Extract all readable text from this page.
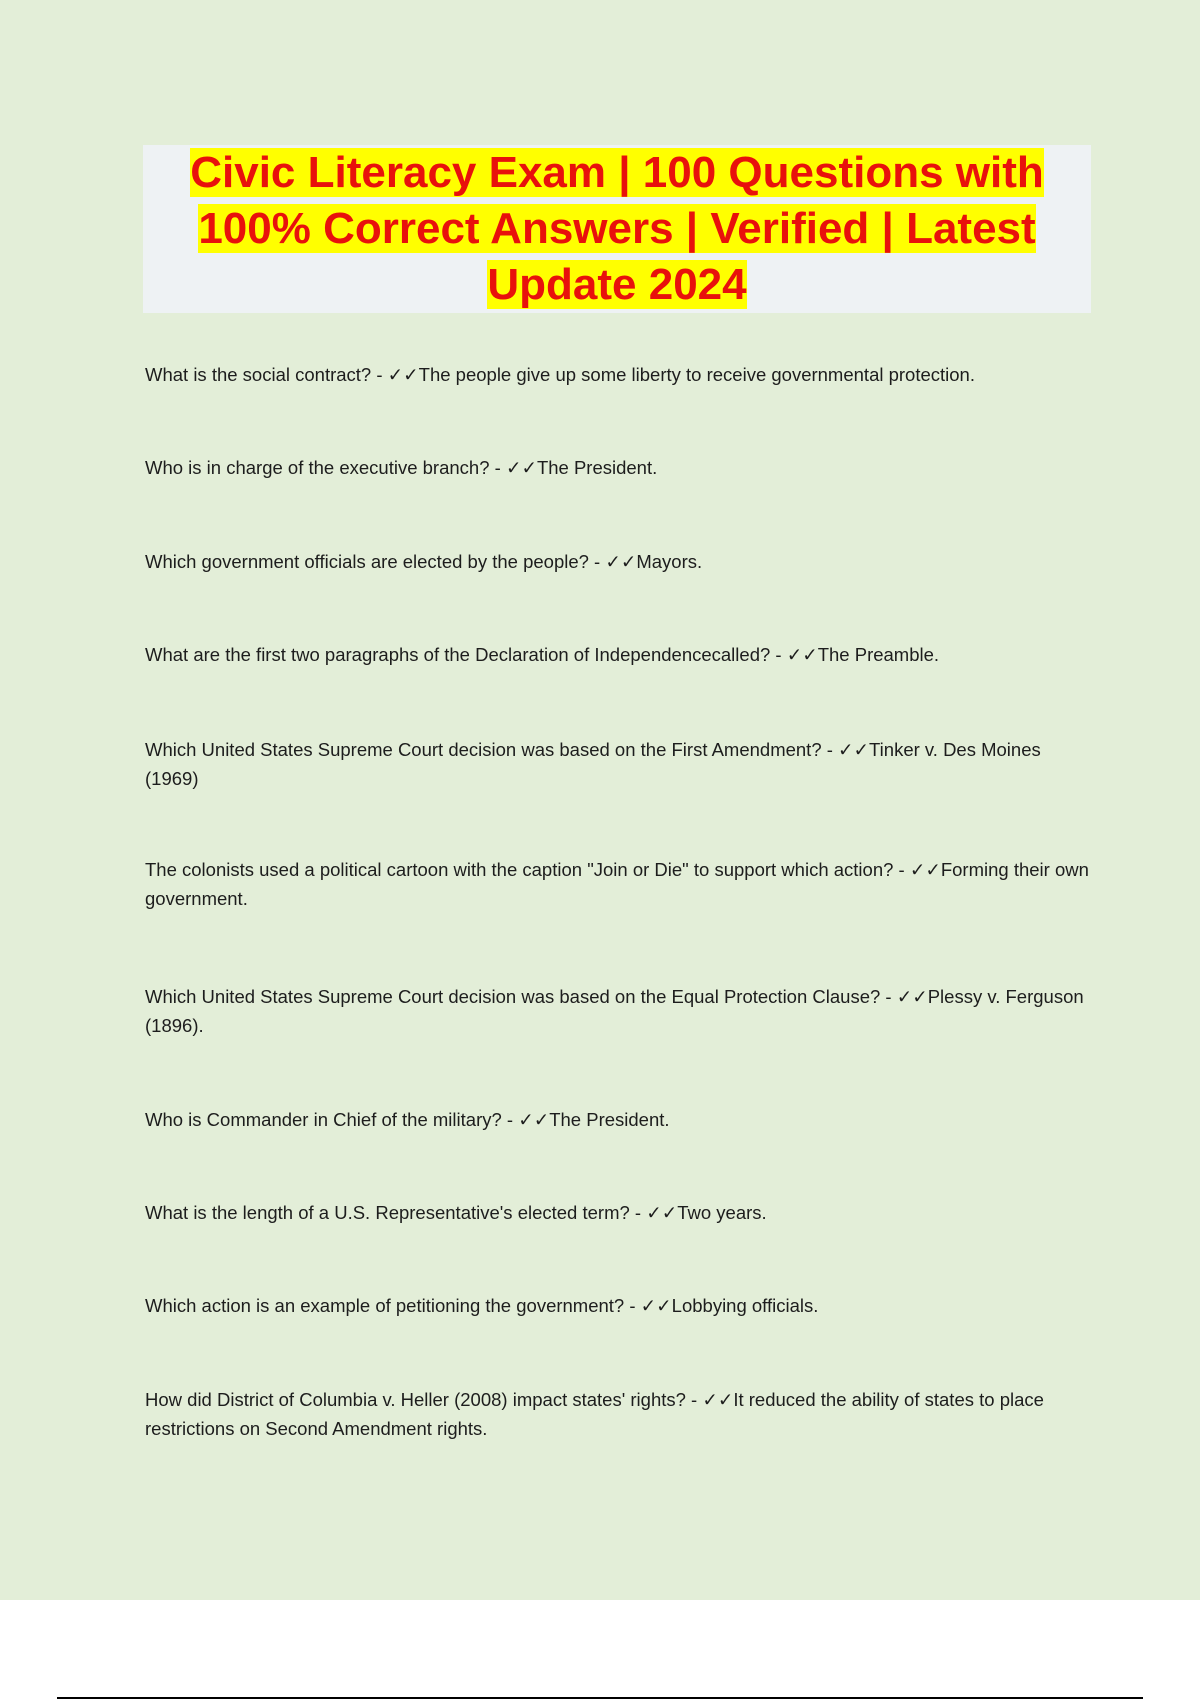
Civic Literacy Exam | 100 Questions with
100% Correct Answers | Verified | Latest
Update 2024

What is the social contract? - ✓✓The people give up some liberty to receive governmental protection.

Who is in charge of the executive branch? - ✓✓The President.

Which government officials are elected by the people? - ✓✓Mayors.

What are the first two paragraphs of the Declaration of Independencecalled? - ✓✓The Preamble.

Which United States Supreme Court decision was based on the First Amendment? - ✓✓Tinker v. Des Moines (1969)

The colonists used a political cartoon with the caption "Join or Die" to support which action? - ✓✓Forming their own government.

Which United States Supreme Court decision was based on the Equal Protection Clause? - ✓✓Plessy v. Ferguson (1896).

Who is Commander in Chief of the military? - ✓✓The President.

What is the length of a U.S. Representative's elected term? - ✓✓Two years.

Which action is an example of petitioning the government? - ✓✓Lobbying officials.

How did District of Columbia v. Heller (2008) impact states' rights? - ✓✓It reduced the ability of states to place restrictions on Second Amendment rights.
